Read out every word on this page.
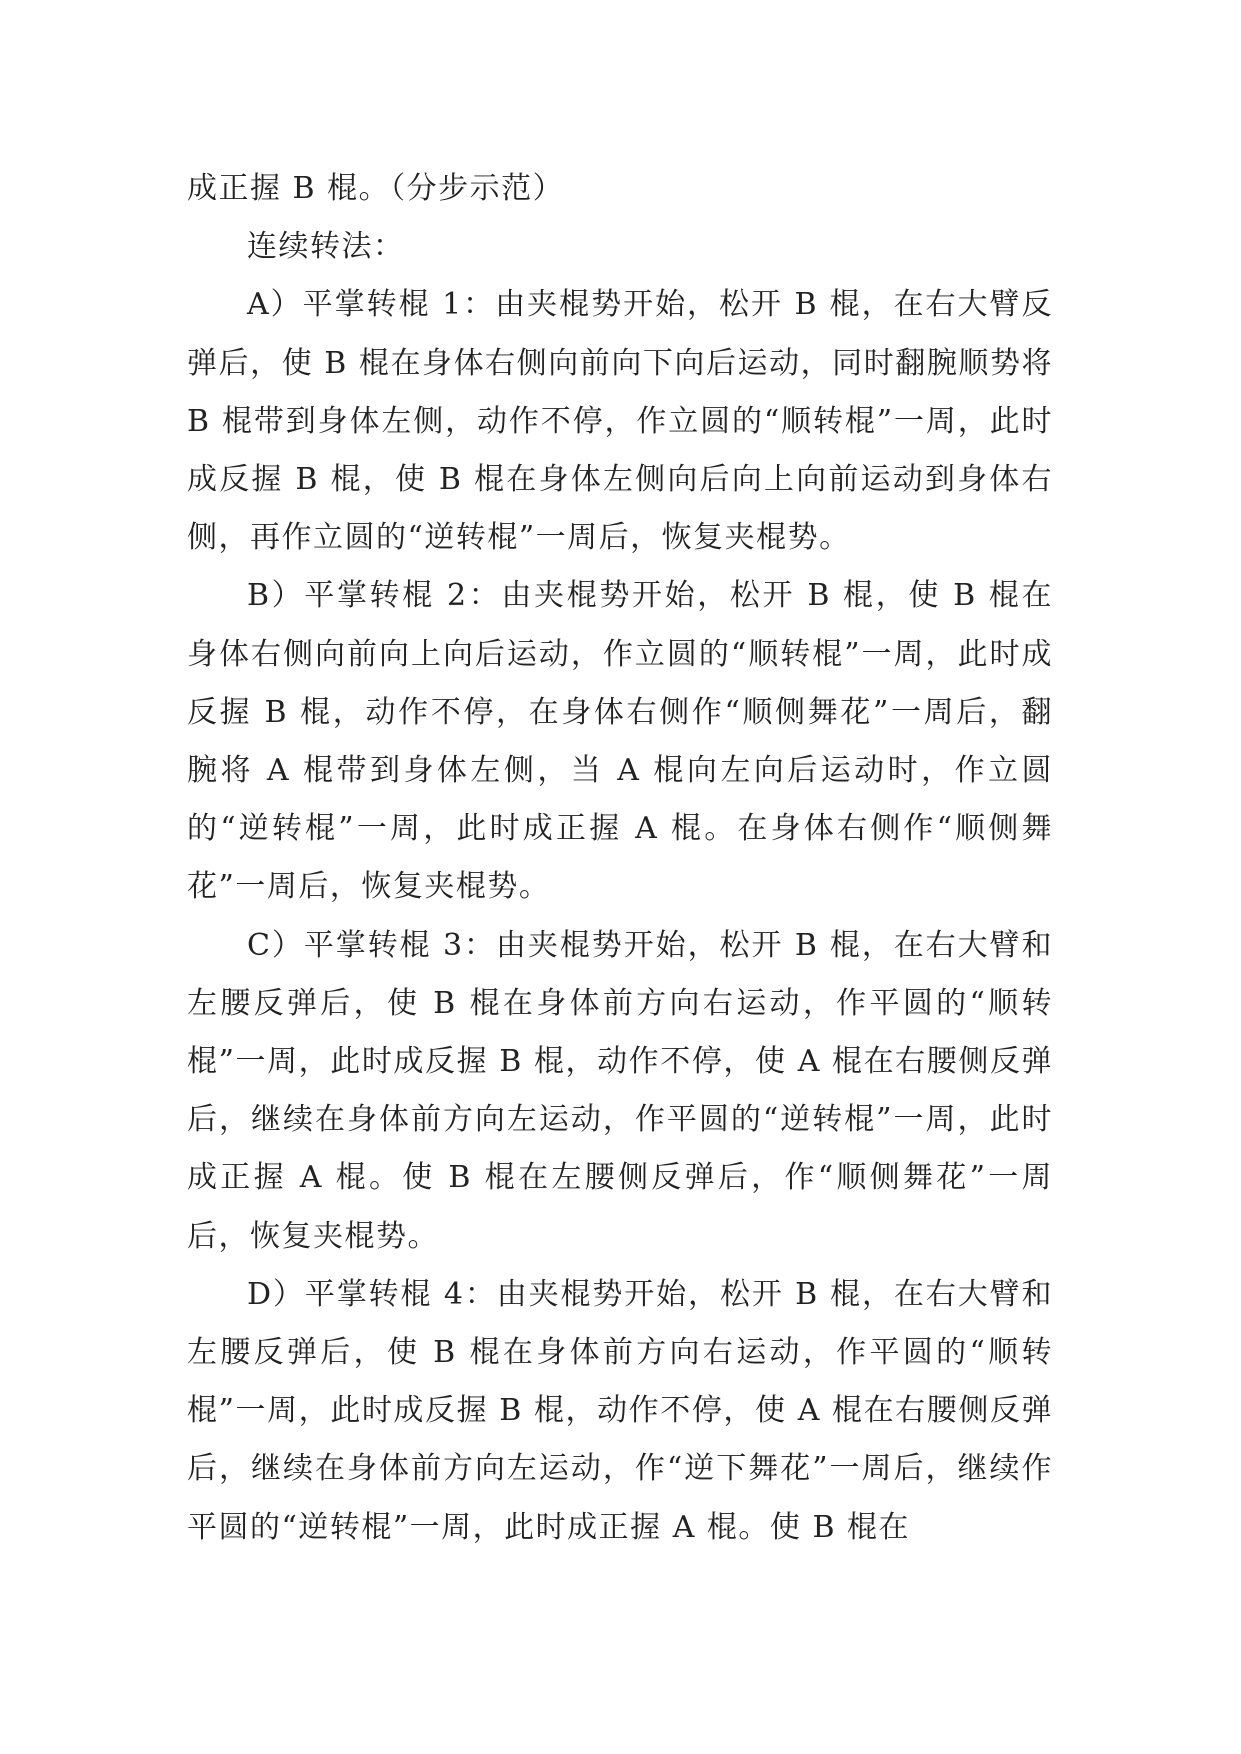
成正握 B 棍。（分步示范）

连续转法：

A）平掌转棍 1：由夹棍势开始，松开 B 棍，在右大臂反弹后，使 B 棍在身体右侧向前向下向后运动，同时翻腕顺势将 B 棍带到身体左侧，动作不停，作立圆的“顺转棍”一周，此时成反握 B 棍，使 B 棍在身体左侧向后向上向前运动到身体右侧，再作立圆的“逆转棍”一周后，恢复夹棍势。

B）平掌转棍 2：由夹棍势开始，松开 B 棍，使 B 棍在身体右侧向前向上向后运动，作立圆的“顺转棍”一周，此时成反握 B 棍，动作不停，在身体右侧作“顺侧舞花”一周后，翻腕将 A 棍带到身体左侧，当 A 棍向左向后运动时，作立圆的“逆转棍”一周，此时成正握 A 棍。在身体右侧作“顺侧舞花”一周后，恢复夹棍势。

C）平掌转棍 3：由夹棍势开始，松开 B 棍，在右大臂和左腰反弹后，使 B 棍在身体前方向右运动，作平圆的“顺转棍”一周，此时成反握 B 棍，动作不停，使 A 棍在右腰侧反弹后，继续在身体前方向左运动，作平圆的“逆转棍”一周，此时成正握 A 棍。使 B 棍在左腰侧反弹后，作“顺侧舞花”一周后，恢复夹棍势。

D）平掌转棍 4：由夹棍势开始，松开 B 棍，在右大臂和左腰反弹后，使 B 棍在身体前方向右运动，作平圆的“顺转棍”一周，此时成反握 B 棍，动作不停，使 A 棍在右腰侧反弹后，继续在身体前方向左运动，作“逆下舞花”一周后，继续作平圆的“逆转棍”一周，此时成正握 A 棍。使 B 棍在
